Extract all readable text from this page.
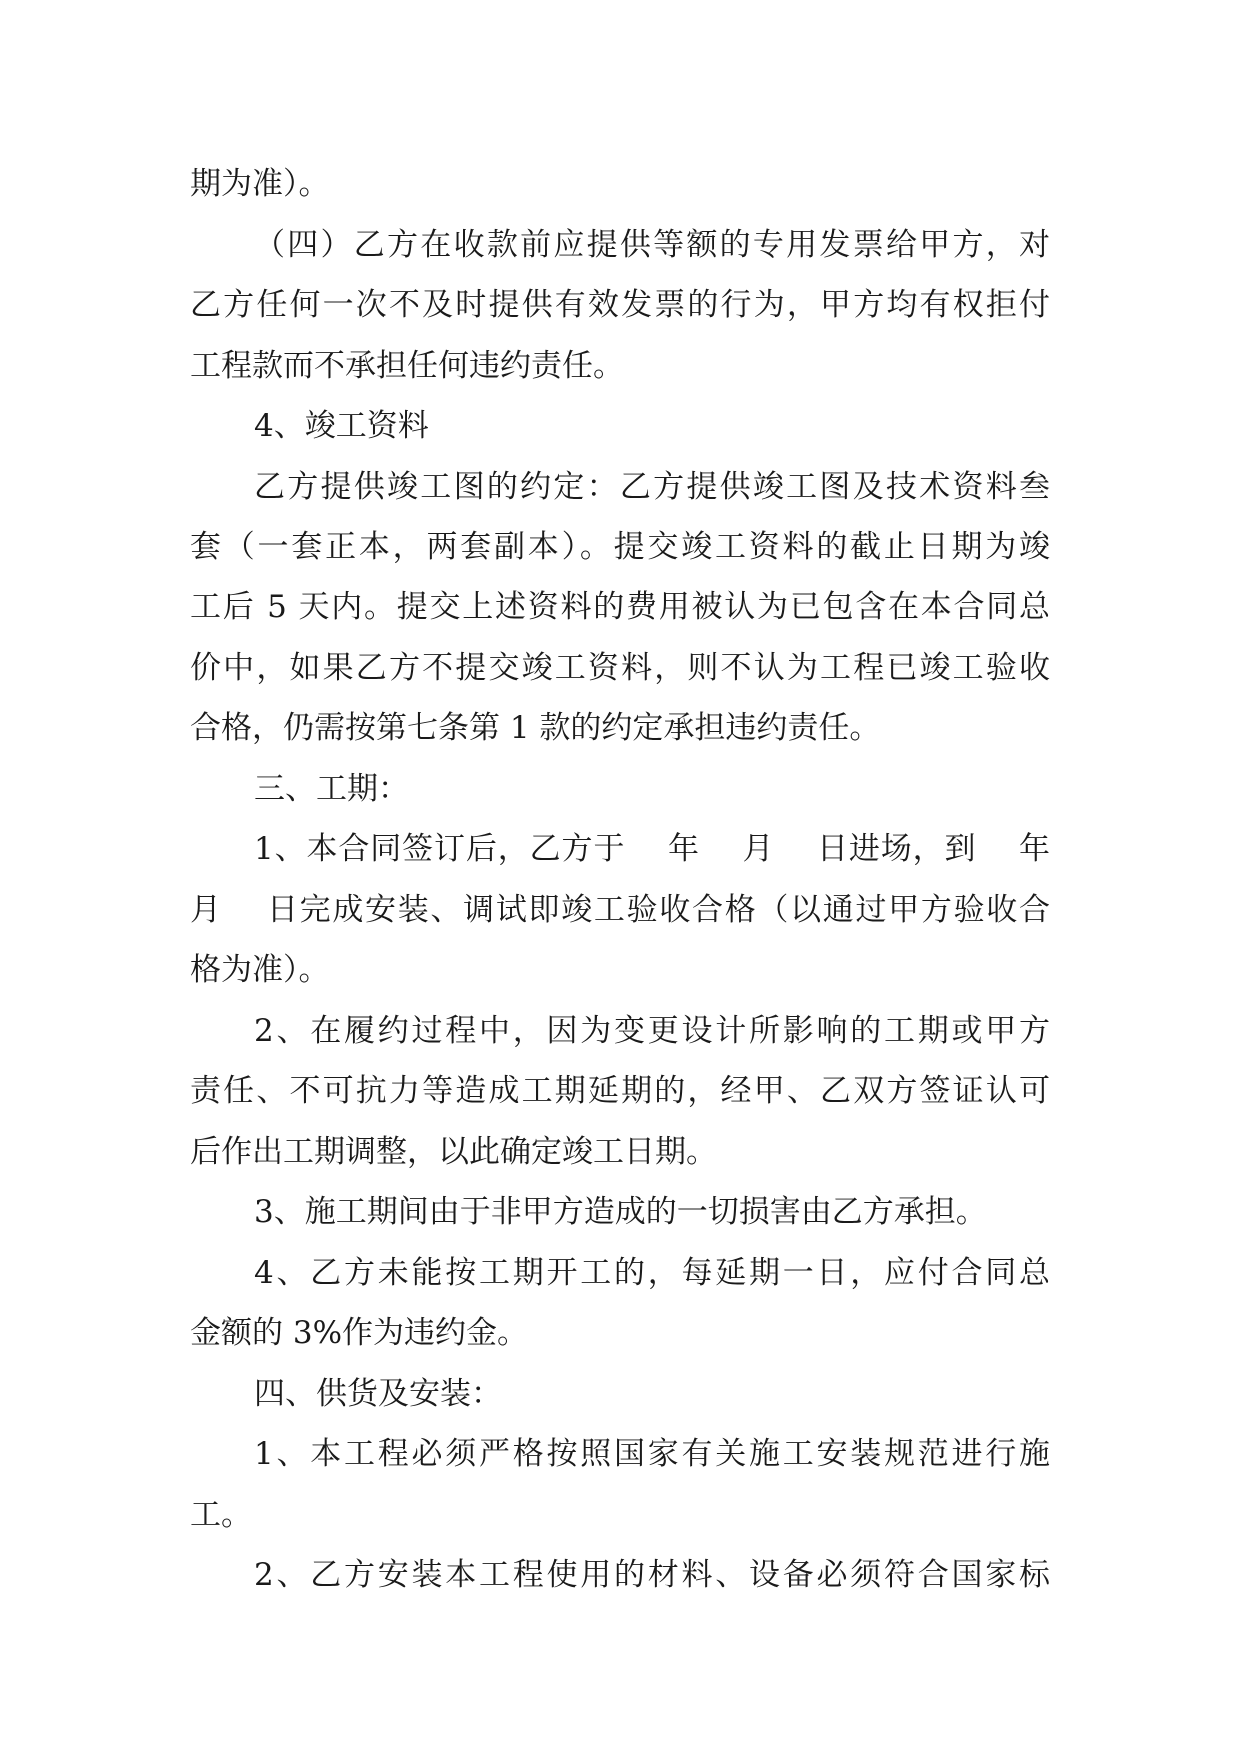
期为准）。
（四）乙方在收款前应提供等额的专用发票给甲方，对
乙方任何一次不及时提供有效发票的行为，甲方均有权拒付
工程款而不承担任何违约责任。
4、竣工资料
乙方提供竣工图的约定：乙方提供竣工图及技术资料叁
套（一套正本，两套副本）。提交竣工资料的截止日期为竣
工后 5 天内。提交上述资料的费用被认为已包含在本合同总
价中，如果乙方不提交竣工资料，则不认为工程已竣工验收
合格，仍需按第七条第 1 款的约定承担违约责任。
三、工期：
1、本合同签订后，乙方于　 年　 月　 日进场，到　 年
月　 日完成安装、调试即竣工验收合格（以通过甲方验收合
格为准）。
2、在履约过程中，因为变更设计所影响的工期或甲方
责任、不可抗力等造成工期延期的，经甲、乙双方签证认可
后作出工期调整，以此确定竣工日期。
3、施工期间由于非甲方造成的一切损害由乙方承担。
4、乙方未能按工期开工的，每延期一日，应付合同总
金额的 3%作为违约金。
四、供货及安装：
1、本工程必须严格按照国家有关施工安装规范进行施
工。
2、乙方安装本工程使用的材料、设备必须符合国家标
